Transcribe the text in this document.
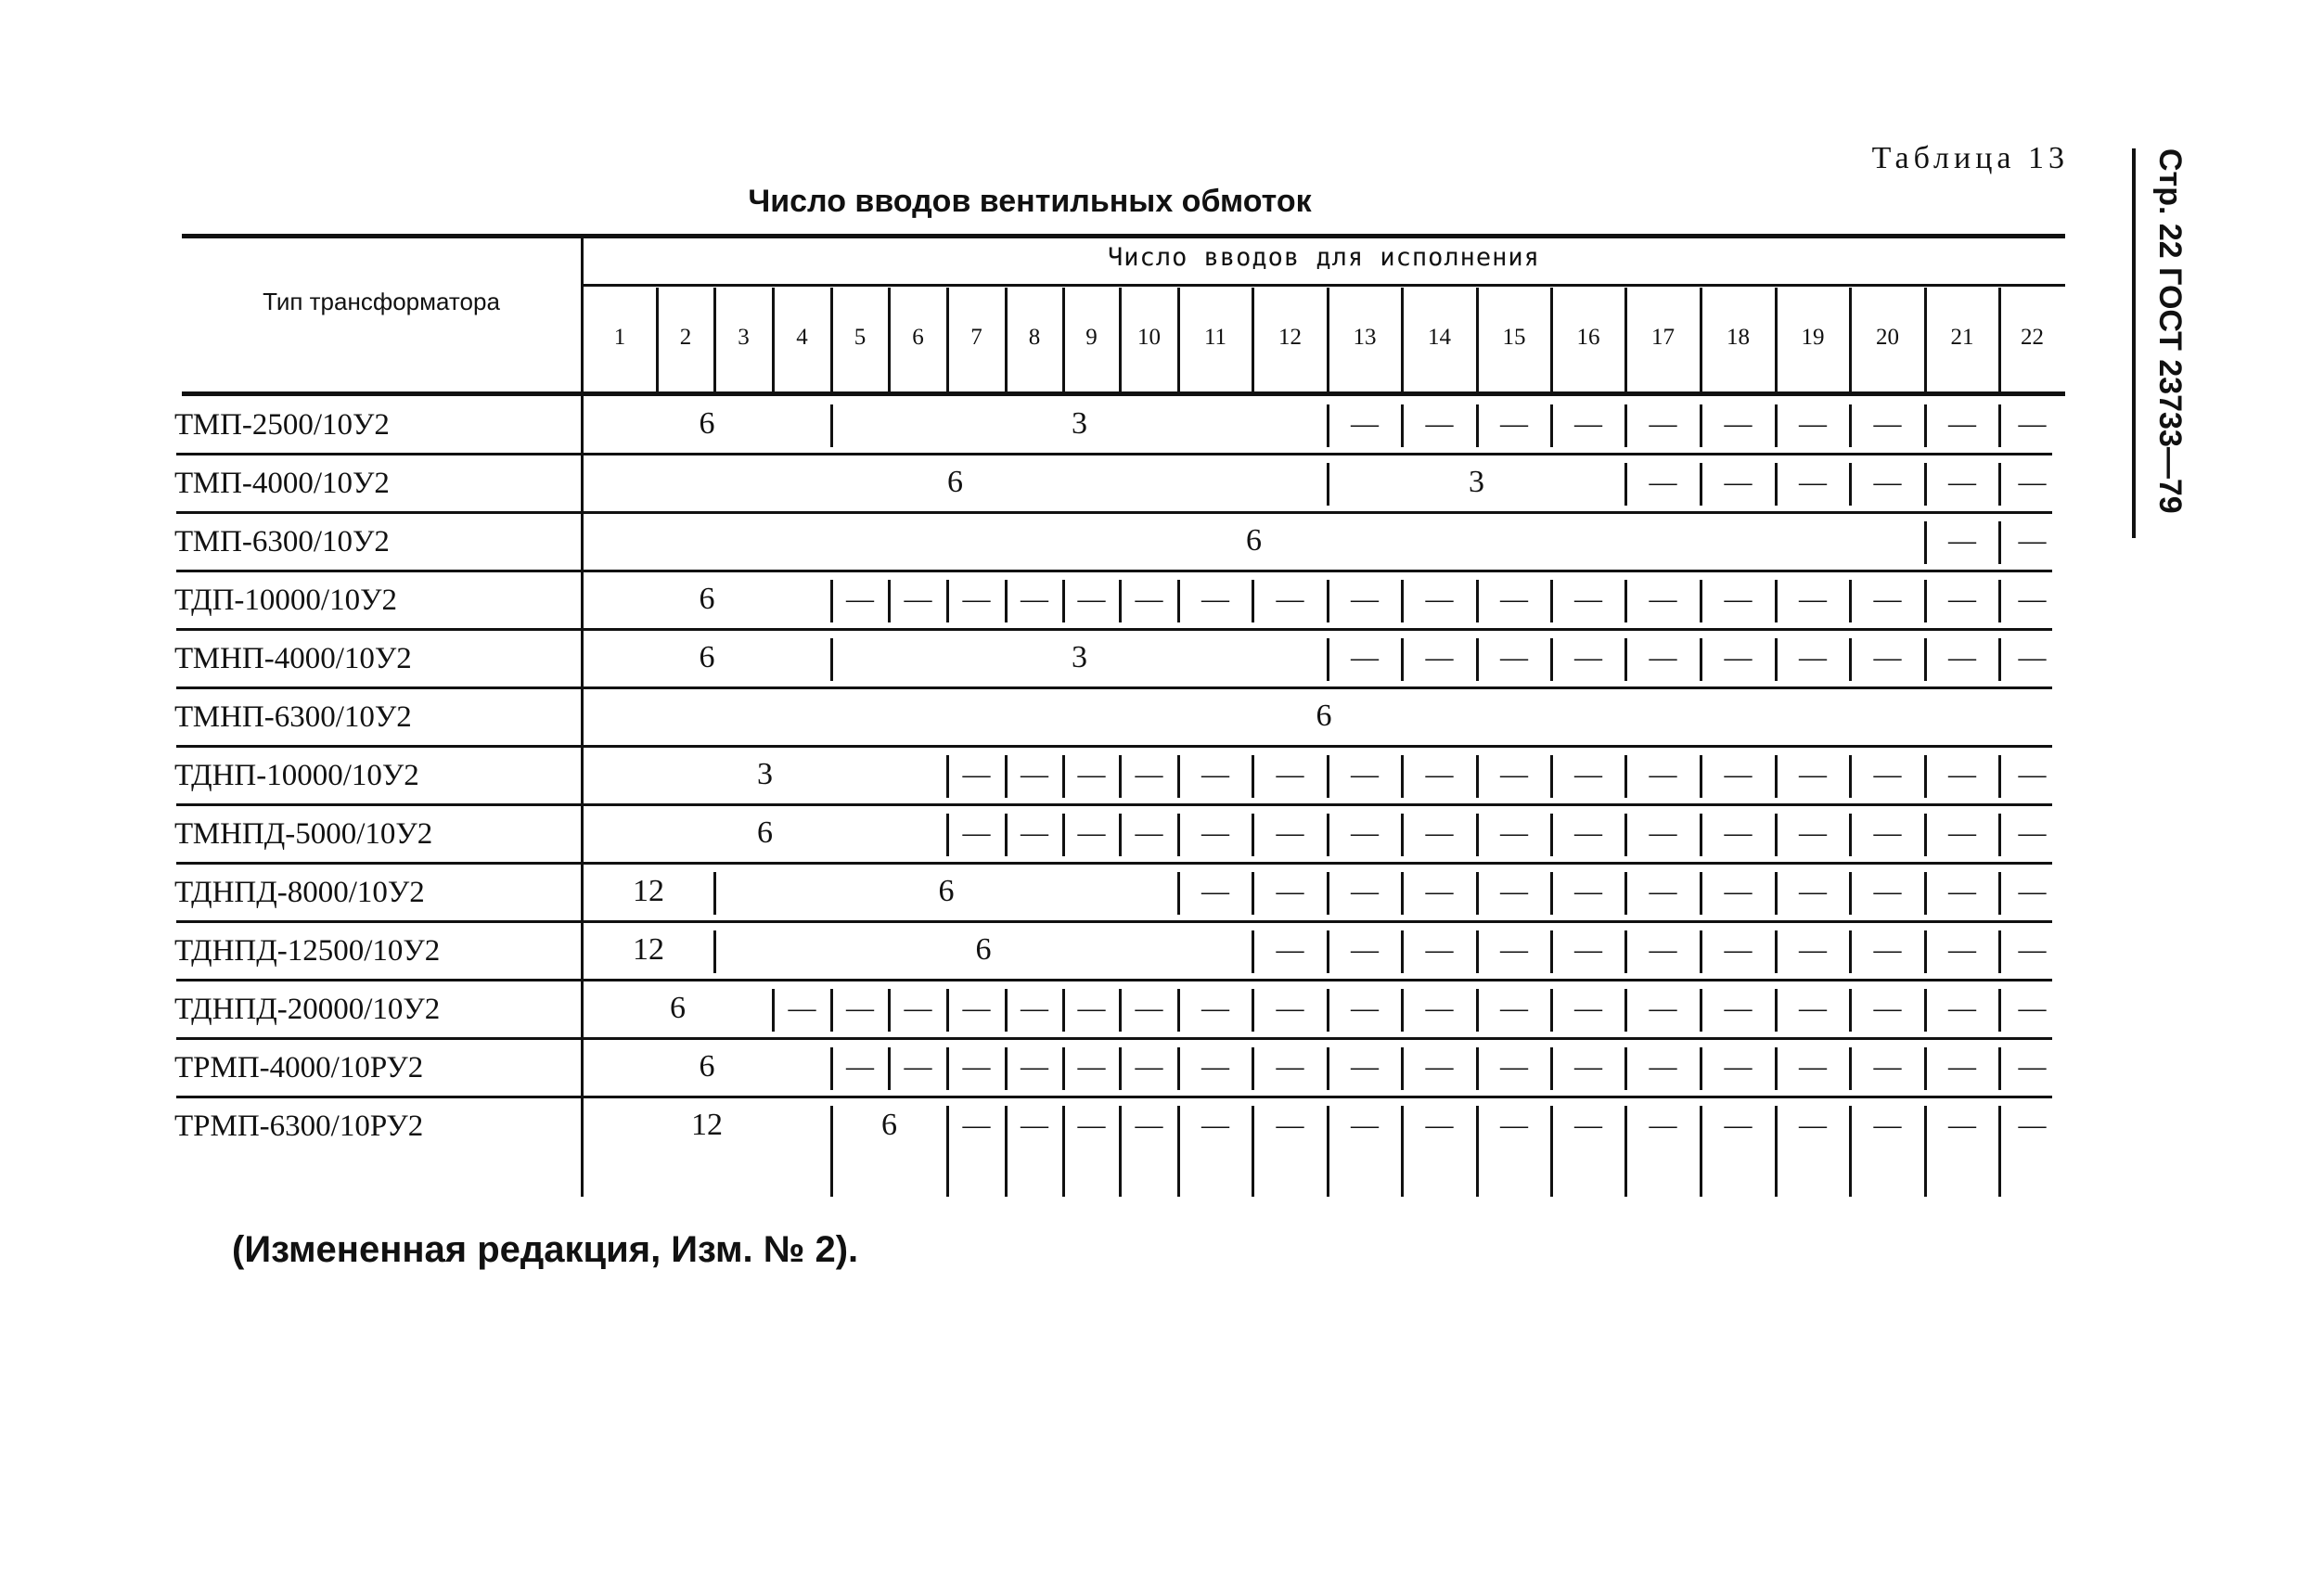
Таблица 13	Стр. 22 ГОСТ 23733—79
Число вводов вентильных обмоток
Тип трансформатора
Число вводов для исполнения
1	2	3	4	5	6	7	8	9	10	11	12	13	14	15	16	17	18	19	20	21	22
ТМП-2500/10У2	6	3	—	—	—	—	—	—	—	—	—	—
ТМП-4000/10У2	6	3	—	—	—	—	—	—
ТМП-6300/10У2	6	—	—
ТДП-10000/10У2	6	—	—	—	—	—	—	—	—	—	—	—	—	—	—	—	—	—	—
ТМНП-4000/10У2	6	3	—	—	—	—	—	—	—	—	—	—
ТМНП-6300/10У2	6
ТДНП-10000/10У2	3	—	—	—	—	—	—	—	—	—	—	—	—	—	—	—	—
ТМНПД-5000/10У2	6	—	—	—	—	—	—	—	—	—	—	—	—	—	—	—	—
ТДНПД-8000/10У2	12	6	—	—	—	—	—	—	—	—	—	—	—	—
ТДНПД-12500/10У2	12	6	—	—	—	—	—	—	—	—	—	—	—
ТДНПД-20000/10У2	6	—	—	—	—	—	—	—	—	—	—	—	—	—	—	—	—	—	—	—
ТРМП-4000/10РУ2	6	—	—	—	—	—	—	—	—	—	—	—	—	—	—	—	—	—	—
ТРМП-6300/10РУ2	12	6	—	—	—	—	—	—	—	—	—	—	—	—	—	—	—	—
(Измененная редакция, Изм. № 2).
